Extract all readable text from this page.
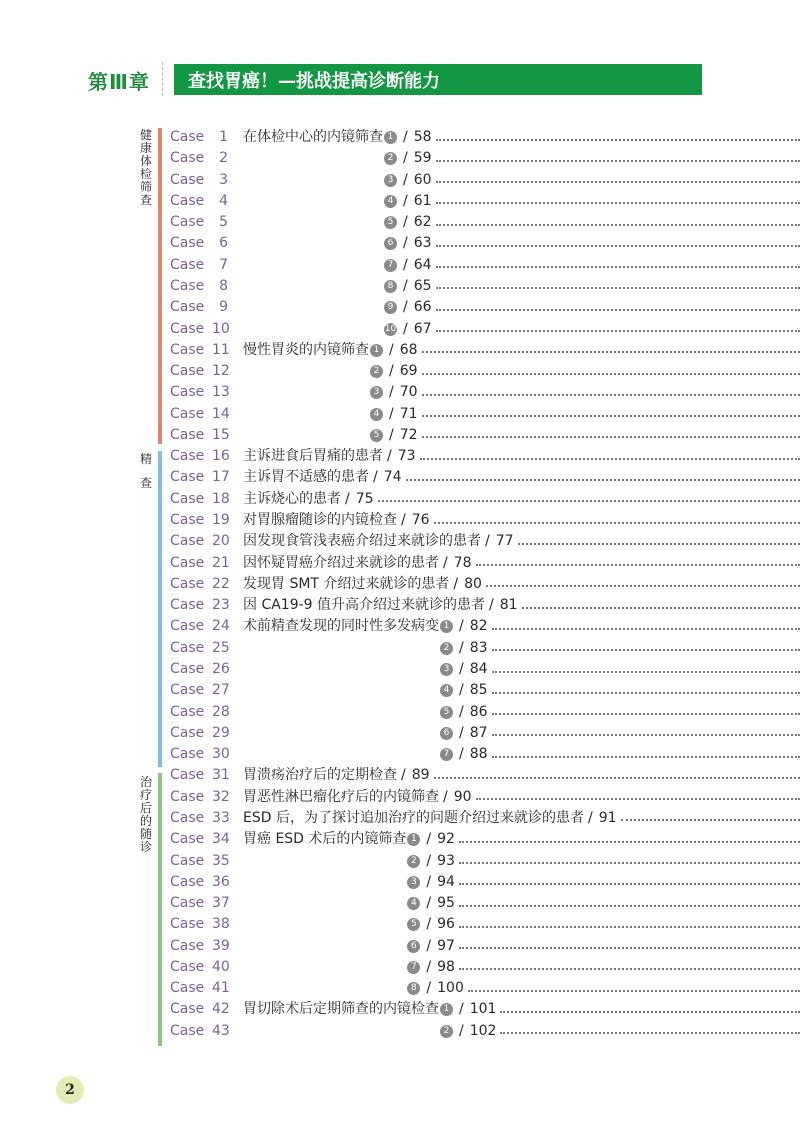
第Ⅲ章 查找胃癌！—挑战提高诊断能力
健
康
体
检
筛
查
精
查
治
疗
后
的
随
诊
Case 1 在体检中心的内镜筛查 1 / 58
Case 2	2 / 59
Case 3	3 / 60
Case 4	4 / 61
Case 5	5 / 62
Case 6	6 / 63
Case 7	7 / 64
Case 8	8 / 65
Case 9	9 / 66
Case 10	10 / 67
Case 11 慢性胃炎的内镜筛查 1 / 68
Case 12	2 / 69
Case 13	3 / 70
Case 14	4 / 71
Case 15	5 / 72
Case 16 主诉进食后胃痛的患者 / 73
Case 17 主诉胃不适感的患者 / 74
Case 18 主诉烧心的患者 / 75
Case 19 对胃腺瘤随诊的内镜检查 / 76
Case 20 因发现食管浅表癌介绍过来就诊的患者 / 77
Case 21 因怀疑胃癌介绍过来就诊的患者 / 78
Case 22 发现胃 SMT 介绍过来就诊的患者 / 80
Case 23 因 CA19-9 值升高介绍过来就诊的患者 / 81
Case 24 术前精查发现的同时性多发病变 1 / 82
Case 25	2 / 83
Case 26	3 / 84
Case 27	4 / 85
Case 28	5 / 86
Case 29	6 / 87
Case 30	7 / 88
Case 31 胃溃疡治疗后的定期检查 / 89
Case 32 胃恶性淋巴瘤化疗后的内镜筛查 / 90
Case 33 ESD 后，为了探讨追加治疗的问题介绍过来就诊的患者 / 91
Case 34 胃癌 ESD 术后的内镜筛查 1 / 92
Case 35	2 / 93
Case 36	3 / 94
Case 37	4 / 95
Case 38	5 / 96
Case 39	6 / 97
Case 40	7 / 98
Case 41	8 / 100
Case 42 胃切除术后定期筛查的内镜检查 1 / 101
Case 43	2 / 102
2
